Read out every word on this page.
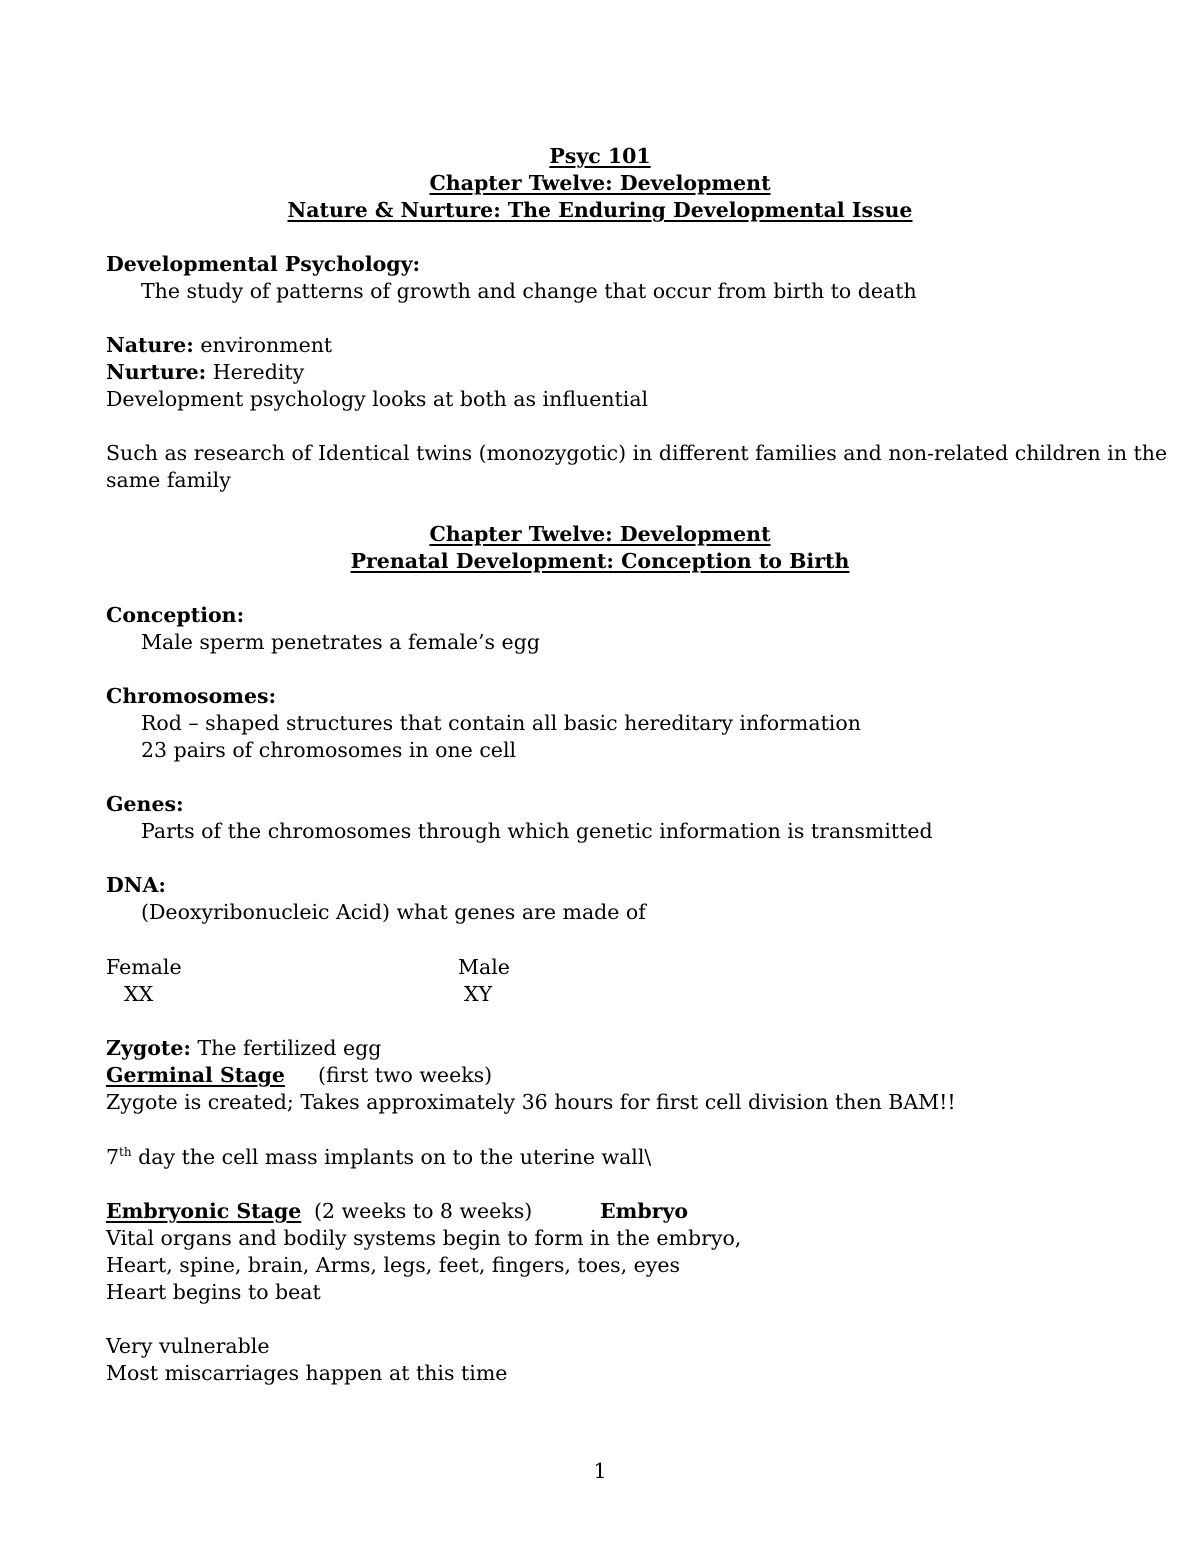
Psyc 101
Chapter Twelve: Development
Nature & Nurture: The Enduring Developmental Issue
Developmental Psychology:
The study of patterns of growth and change that occur from birth to death
Nature: environment
Nurture: Heredity
Development psychology looks at both as influential
Such as research of Identical twins (monozygotic) in different families and non-related children in the
same family
Chapter Twelve: Development
Prenatal Development: Conception to Birth
Conception:
Male sperm penetrates a female’s egg
Chromosomes:
Rod – shaped structures that contain all basic hereditary information
23 pairs of chromosomes in one cell
Genes:
Parts of the chromosomes through which genetic information is transmitted
DNA:
(Deoxyribonucleic Acid) what genes are made of
Female	Male
XX	XY
Zygote: The fertilized egg
Germinal Stage (first two weeks)
Zygote is created; Takes approximately 36 hours for first cell division then BAM!!
7th day the cell mass implants on to the uterine wall\
Embryonic Stage (2 weeks to 8 weeks)	Embryo
Vital organs and bodily systems begin to form in the embryo,
Heart, spine, brain, Arms, legs, feet, fingers, toes, eyes
Heart begins to beat
Very vulnerable
Most miscarriages happen at this time
1
